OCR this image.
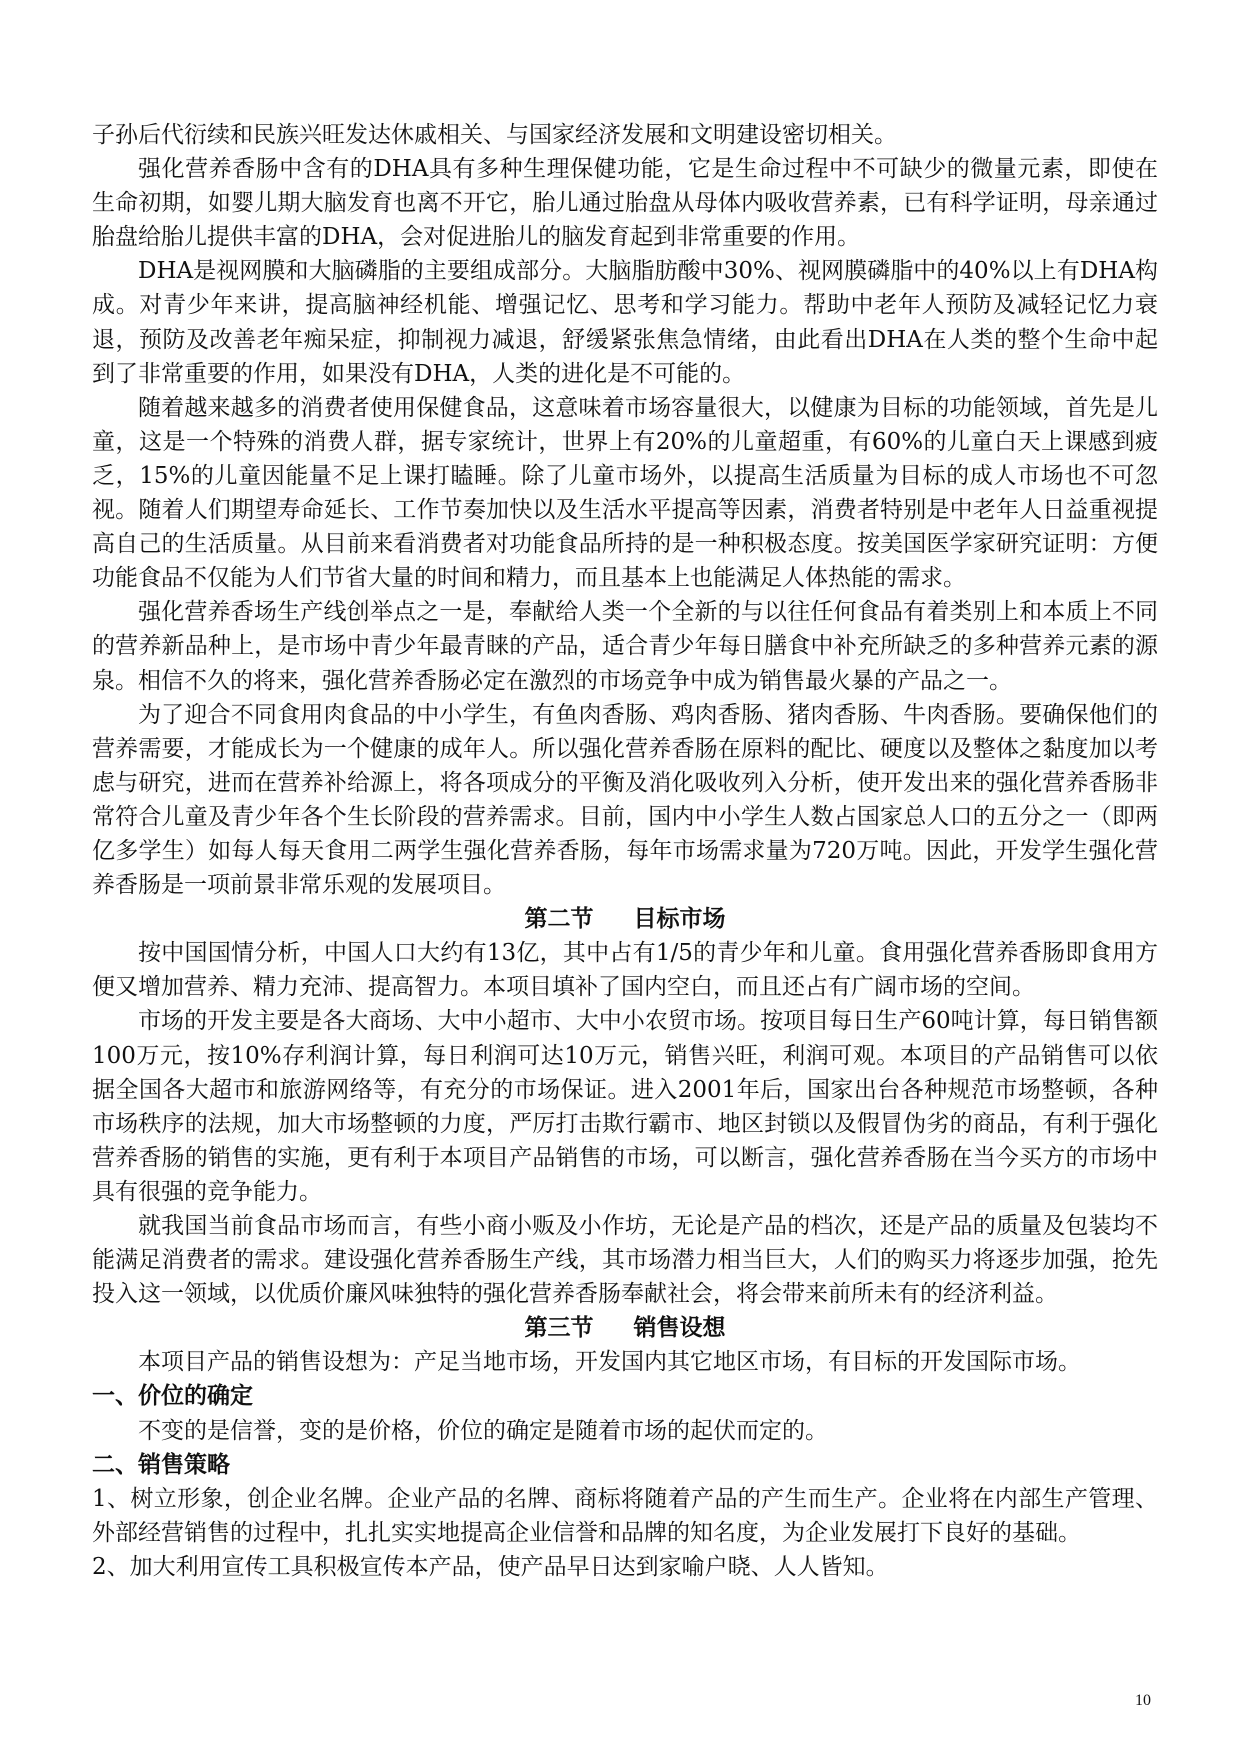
子孙后代衍续和民族兴旺发达休戚相关、与国家经济发展和文明建设密切相关。

强化营养香肠中含有的DHA具有多种生理保健功能，它是生命过程中不可缺少的微量元素，即使在生命初期，如婴儿期大脑发育也离不开它，胎儿通过胎盘从母体内吸收营养素，已有科学证明，母亲通过胎盘给胎儿提供丰富的DHA，会对促进胎儿的脑发育起到非常重要的作用。

DHA是视网膜和大脑磷脂的主要组成部分。大脑脂肪酸中30%、视网膜磷脂中的40%以上有DHA构成。对青少年来讲，提高脑神经机能、增强记忆、思考和学习能力。帮助中老年人预防及减轻记忆力衰退，预防及改善老年痴呆症，抑制视力减退，舒缓紧张焦急情绪，由此看出DHA在人类的整个生命中起到了非常重要的作用，如果没有DHA，人类的进化是不可能的。

随着越来越多的消费者使用保健食品，这意味着市场容量很大，以健康为目标的功能领域，首先是儿童，这是一个特殊的消费人群，据专家统计，世界上有20%的儿童超重，有60%的儿童白天上课感到疲乏，15%的儿童因能量不足上课打瞌睡。除了儿童市场外，以提高生活质量为目标的成人市场也不可忽视。随着人们期望寿命延长、工作节奏加快以及生活水平提高等因素，消费者特别是中老年人日益重视提高自己的生活质量。从目前来看消费者对功能食品所持的是一种积极态度。按美国医学家研究证明：方便功能食品不仅能为人们节省大量的时间和精力，而且基本上也能满足人体热能的需求。

强化营养香场生产线创举点之一是，奉献给人类一个全新的与以往任何食品有着类别上和本质上不同的营养新品种上，是市场中青少年最青睐的产品，适合青少年每日膳食中补充所缺乏的多种营养元素的源泉。相信不久的将来，强化营养香肠必定在激烈的市场竞争中成为销售最火暴的产品之一。

为了迎合不同食用肉食品的中小学生，有鱼肉香肠、鸡肉香肠、猪肉香肠、牛肉香肠。要确保他们的营养需要，才能成长为一个健康的成年人。所以强化营养香肠在原料的配比、硬度以及整体之黏度加以考虑与研究，进而在营养补给源上，将各项成分的平衡及消化吸收列入分析，使开发出来的强化营养香肠非常符合儿童及青少年各个生长阶段的营养需求。目前，国内中小学生人数占国家总人口的五分之一（即两亿多学生）如每人每天食用二两学生强化营养香肠，每年市场需求量为720万吨。因此，开发学生强化营养香肠是一项前景非常乐观的发展项目。

第二节 目标市场

按中国国情分析，中国人口大约有13亿，其中占有1/5的青少年和儿童。食用强化营养香肠即食用方便又增加营养、精力充沛、提高智力。本项目填补了国内空白，而且还占有广阔市场的空间。

市场的开发主要是各大商场、大中小超市、大中小农贸市场。按项目每日生产60吨计算，每日销售额100万元，按10%存利润计算，每日利润可达10万元，销售兴旺，利润可观。本项目的产品销售可以依据全国各大超市和旅游网络等，有充分的市场保证。进入2001年后，国家出台各种规范市场整顿，各种市场秩序的法规，加大市场整顿的力度，严厉打击欺行霸市、地区封锁以及假冒伪劣的商品，有利于强化营养香肠的销售的实施，更有利于本项目产品销售的市场，可以断言，强化营养香肠在当今买方的市场中具有很强的竞争能力。

就我国当前食品市场而言，有些小商小贩及小作坊，无论是产品的档次，还是产品的质量及包装均不能满足消费者的需求。建设强化营养香肠生产线，其市场潜力相当巨大，人们的购买力将逐步加强，抢先投入这一领域，以优质价廉风味独特的强化营养香肠奉献社会，将会带来前所未有的经济利益。

第三节 销售设想

本项目产品的销售设想为：产足当地市场，开发国内其它地区市场，有目标的开发国际市场。

一、价位的确定

不变的是信誉，变的是价格，价位的确定是随着市场的起伏而定的。

二、销售策略

1、树立形象，创企业名牌。企业产品的名牌、商标将随着产品的产生而生产。企业将在内部生产管理、外部经营销售的过程中，扎扎实实地提高企业信誉和品牌的知名度，为企业发展打下良好的基础。

2、加大利用宣传工具积极宣传本产品，使产品早日达到家喻户晓、人人皆知。

10
